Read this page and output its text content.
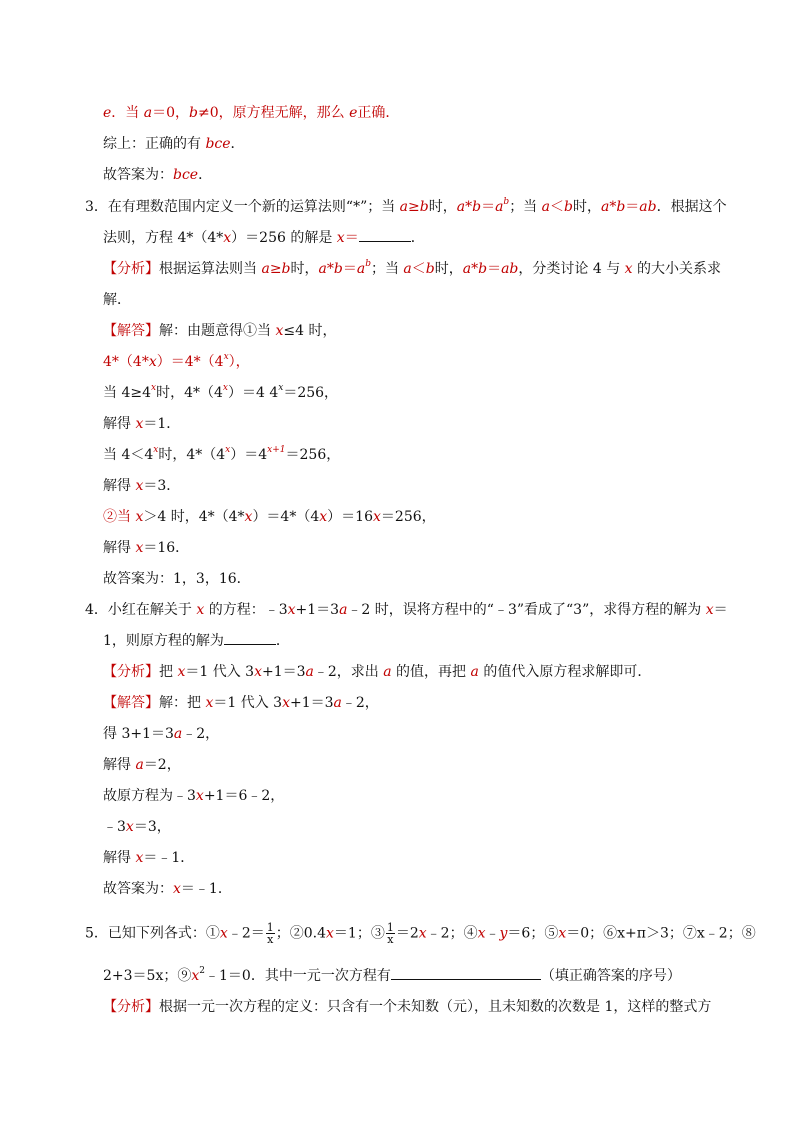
e．当 a＝0，b≠0，原方程无解，那么 e正确．
综上：正确的有 bce．
故答案为：bce．
3．在有理数范围内定义一个新的运算法则“*”；当 a≥b时，$a*b=a^b$；当 a＜b时，a*b＝ab．根据这个
法则，方程 4*（4*x）＝256 的解是 x＝	．
【分析】根据运算法则当 a≥b时，$a*b=a^b$；当 a＜b时，a*b＝ab，分类讨论 4 与 x 的大小关系求
解．
【解答】解：由题意得①当 x≤4 时，
$4*(4*x)=4*(4^x)$，
当 $4\ge 4^x$时，$4*(4^x)=4$ $4^x=256$，
解得 x＝1．
当 $4<4^x$时，$4*(4^x)=4^{x+1}=256$，
解得 x＝3．
②当 x＞4 时，4*（4*x）＝4*（4x）＝16x＝256，
解得 x＝16．
故答案为：1，3，16．
4．小红在解关于 x 的方程：﹣3x+1＝3a﹣2 时，误将方程中的“﹣3”看成了“3”，求得方程的解为 x＝
1，则原方程的解为	．
【分析】把 x＝1 代入 3x+1＝3a﹣2，求出 a 的值，再把 a 的值代入原方程求解即可．
【解答】解：把 x＝1 代入 3x+1＝3a﹣2，
得 3+1＝3a﹣2，
解得 a＝2，
故原方程为﹣3x+1＝6﹣2，
﹣3x＝3，
解得 x＝﹣1．
故答案为：x＝﹣1．
5．已知下列各式：①x﹣2＝ $\frac{1}{x}$ ；②0.4x＝1；③ $\frac{1}{x}$ ＝2x﹣2；④x﹣y＝6；⑤x＝0；⑥x+π＞3；⑦x﹣2；⑧
2+3＝5x；$⑨x^2﹣1=0$．其中一元一次方程有	（填正确答案的序号）
【分析】根据一元一次方程的定义：只含有一个未知数（元），且未知数的次数是 1，这样的整式方
